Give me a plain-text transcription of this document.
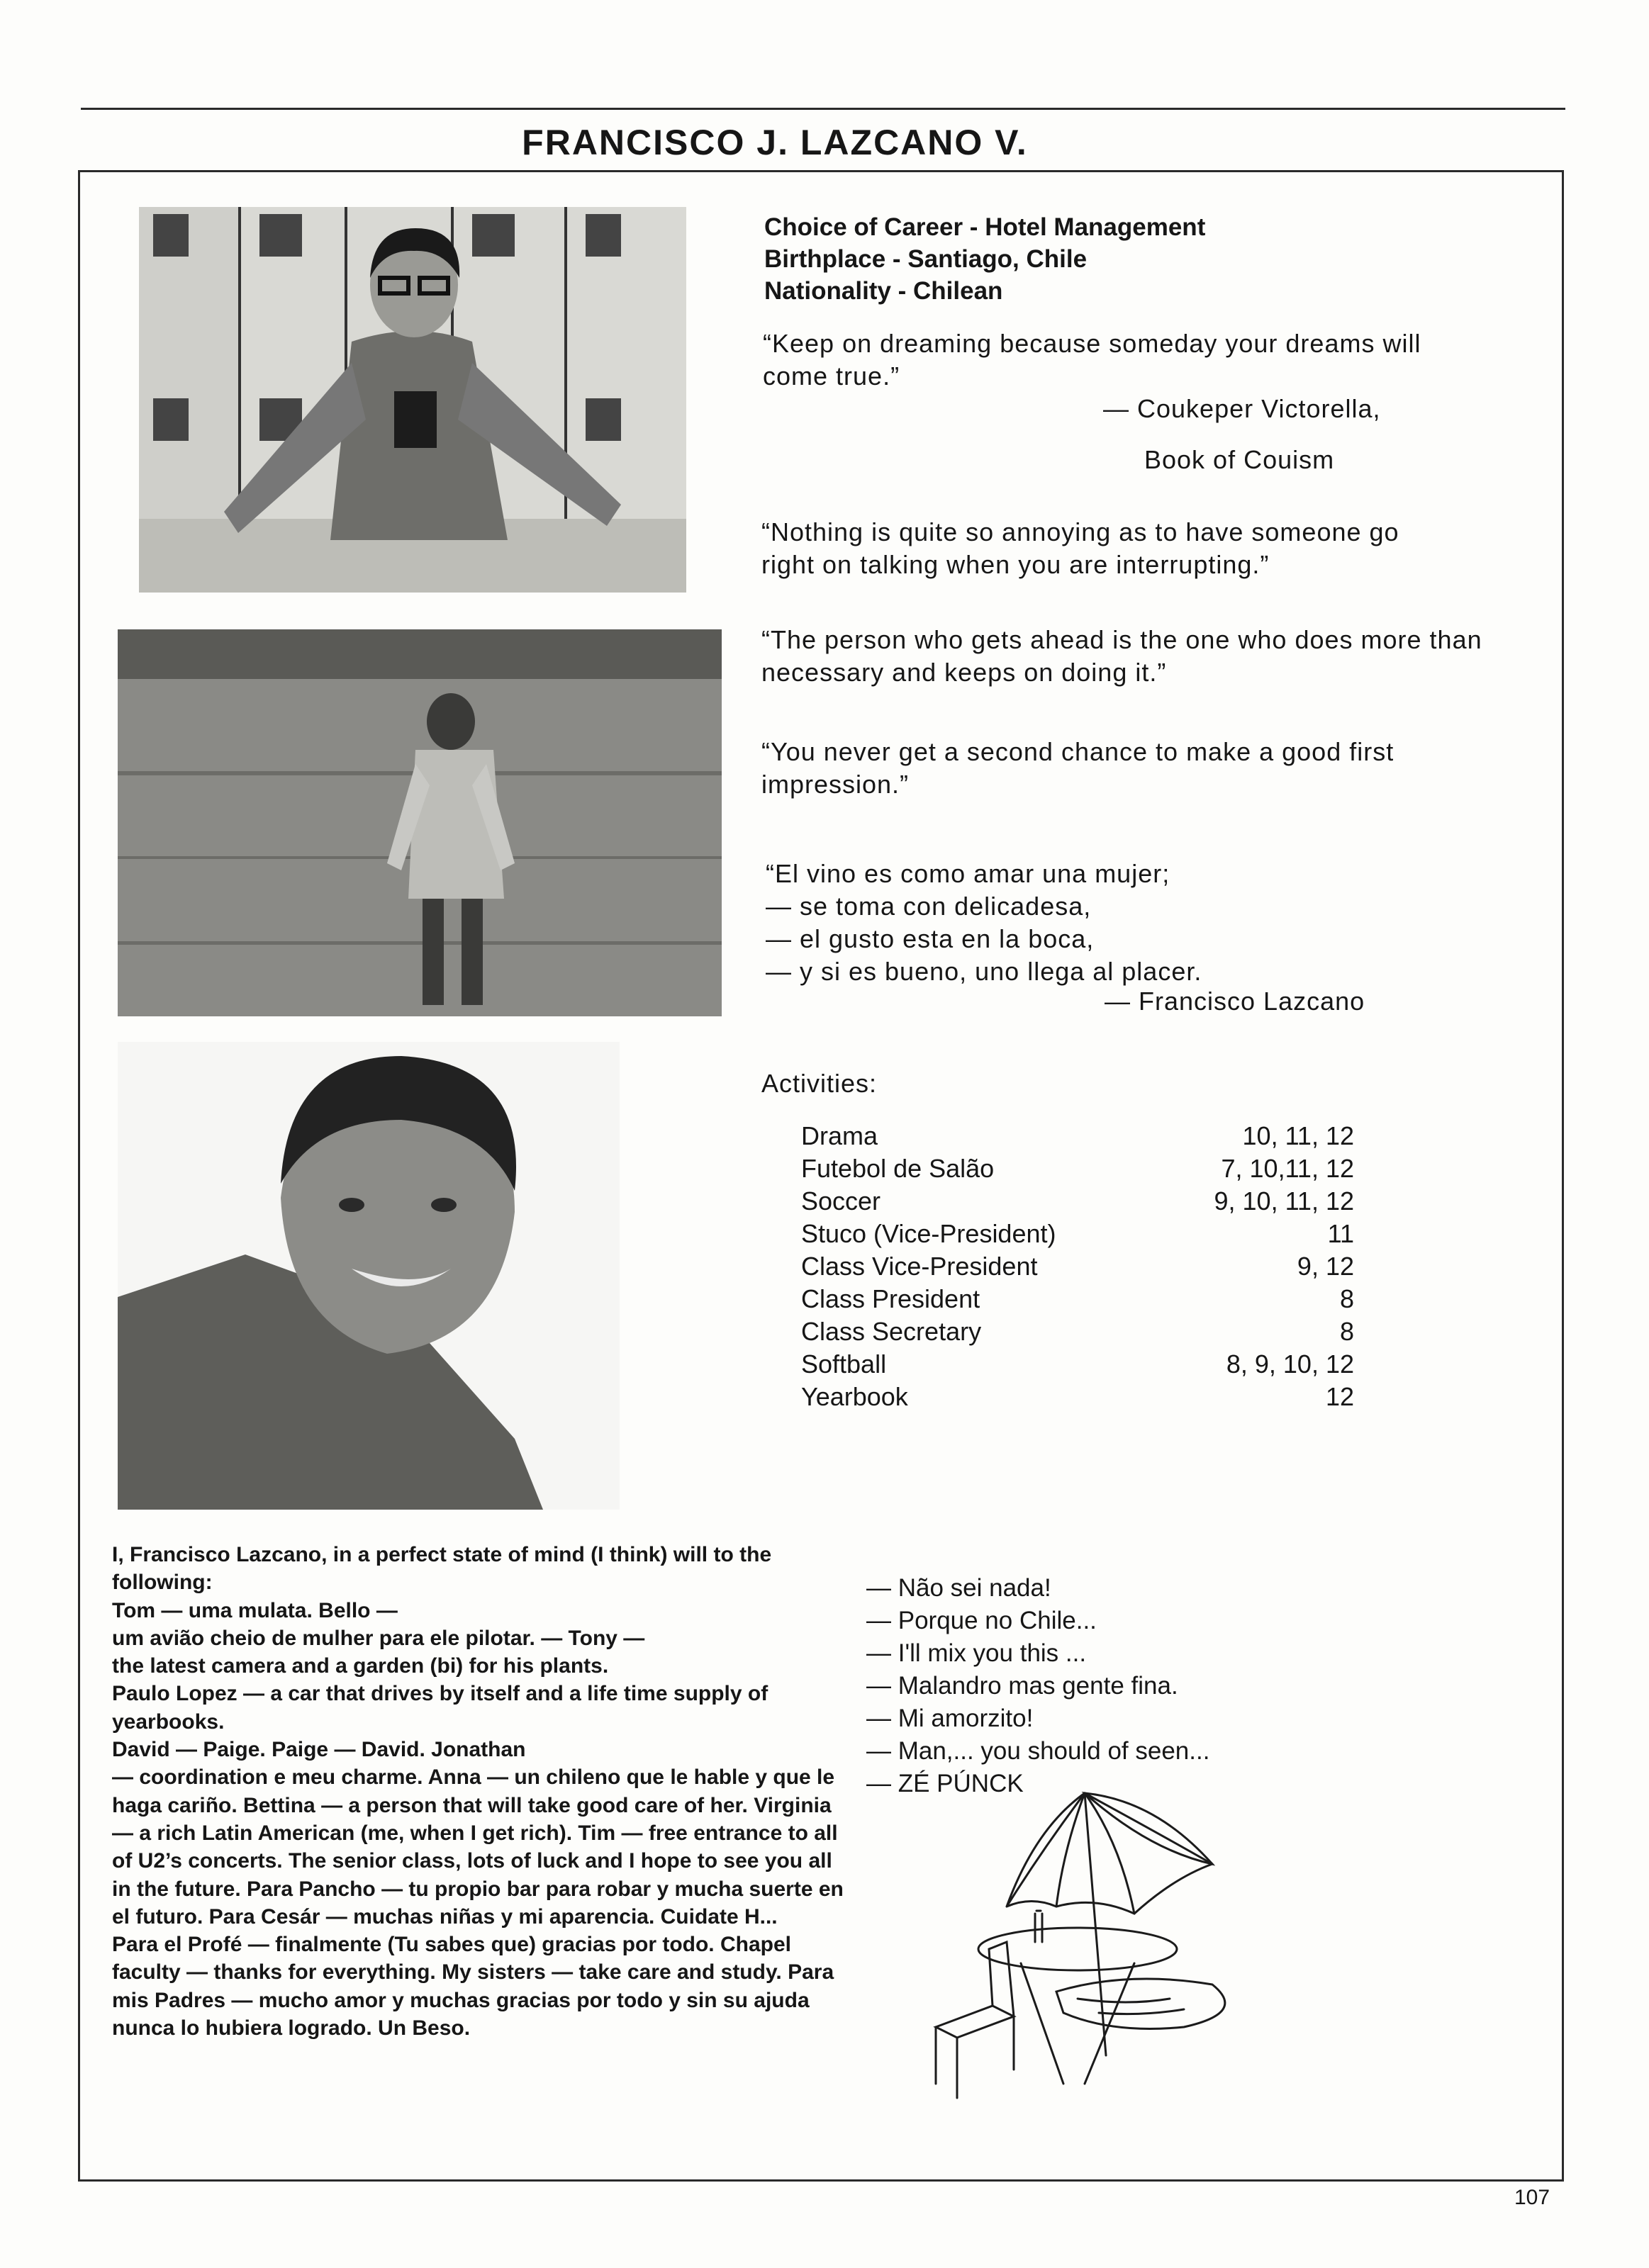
FRANCISCO J. LAZCANO V.
Choice of Career - Hotel Management
Birthplace - Santiago, Chile
Nationality - Chilean
“Keep on dreaming because someday your dreams will come true.”
— Coukeper Victorella,
Book of Couism
“Nothing is quite so annoying as to have someone go right on talking when you are interrupting.”
“The person who gets ahead is the one who does more than necessary and keeps on doing it.”
“You never get a second chance to make a good first impression.”
“El vino es como amar una mujer;
— se toma con delicadesa,
— el gusto esta en la boca,
— y si es bueno, uno llega al placer.
— Francisco Lazcano
Activities:
Drama	10, 11, 12
Futebol de Salão	7, 10,11, 12
Soccer	9, 10, 11, 12
Stuco (Vice-President)	11
Class Vice-President	9, 12
Class President	8
Class Secretary	8
Softball	8, 9, 10, 12
Yearbook	12
I, Francisco Lazcano, in a perfect state of mind (I think) will to the following:
Tom — uma mulata. Bello —
um avião cheio de mulher para ele pilotar. — Tony —
the latest camera and a garden (bi) for his plants.
Paulo Lopez — a car that drives by itself and a life time supply of yearbooks.
David — Paige. Paige — David. Jonathan
— coordination e meu charme. Anna — un chileno que le hable y que le haga cariño. Bettina — a person that will take good care of her. Virginia — a rich Latin American (me, when I get rich). Tim — free entrance to all of U2’s concerts. The senior class, lots of luck and I hope to see you all in the future. Para Pancho — tu propio bar para robar y mucha suerte en el futuro. Para Cesár — muchas niñas y mi aparencia. Cuidate H...
Para el Profé — finalmente (Tu sabes que) gracias por todo. Chapel faculty — thanks for everything. My sisters — take care and study. Para mis Padres — mucho amor y muchas gracias por todo y sin su ajuda nunca lo hubiera logrado. Un Beso.
— Não sei nada!
— Porque no Chile...
— I'll mix you this ...
— Malandro mas gente fina.
— Mi amorzito!
— Man,... you should of seen...
— ZÉ PÚNCK
107
